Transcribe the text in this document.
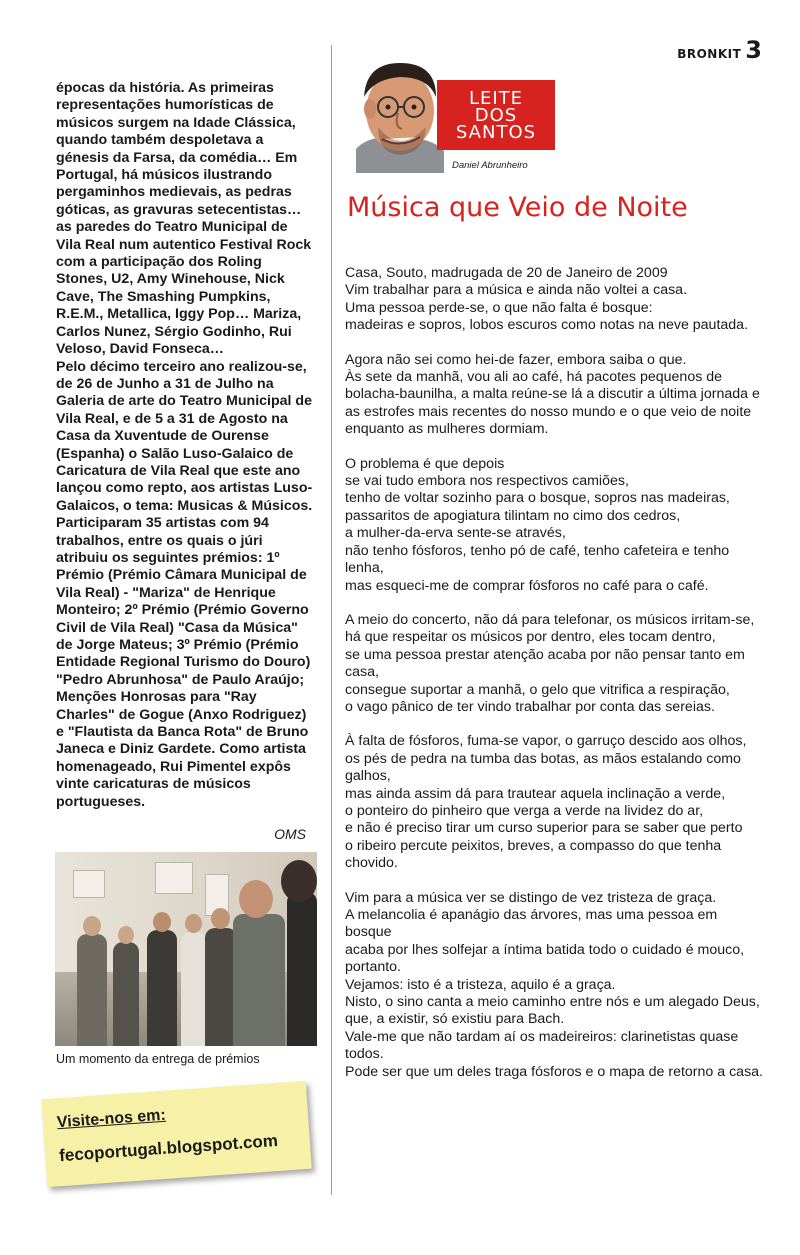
BRONKIT 3

épocas da história. As primeiras representações humorísticas de músicos surgem na Idade Clássica, quando também despoletava a génesis da Farsa, da comédia… Em Portugal, há músicos ilustrando pergaminhos medievais, as pedras góticas, as gravuras setecentistas… as paredes do Teatro Municipal de Vila Real num autentico Festival Rock com a participação dos Roling Stones, U2, Amy Winehouse, Nick Cave, The Smashing Pumpkins, R.E.M., Metallica, Iggy Pop… Mariza, Carlos Nunez, Sérgio Godinho, Rui Veloso, David Fonseca…

Pelo décimo terceiro ano realizou-se, de 26 de Junho a 31 de Julho na Galeria de arte do Teatro Municipal de Vila Real, e de 5 a 31 de Agosto na Casa da Xuventude de Ourense (Espanha) o Salão Luso-Galaico de Caricatura de Vila Real que este ano lançou como repto, aos artistas Luso-Galaicos, o tema: Musicas & Músicos. Participaram 35 artistas com 94 trabalhos, entre os quais o júri atribuiu os seguintes prémios: 1º Prémio (Prémio Câmara Municipal de Vila Real) - "Mariza" de Henrique Monteiro; 2º Prémio (Prémio Governo Civil de Vila Real) "Casa da Música" de Jorge Mateus; 3º Prémio (Prémio Entidade Regional Turismo do Douro) "Pedro Abrunhosa" de Paulo Araújo; Menções Honrosas para "Ray Charles" de Gogue (Anxo Rodriguez) e "Flautista da Banca Rota" de Bruno Janeca e Diniz Gardete. Como artista homenageado, Rui Pimentel expôs vinte caricaturas de músicos portugueses.

OMS
Um momento da entrega de prémios
Visite-nos em:
fecoportugal.blogspot.com
LEITE
DOS
SANTOS
Daniel Abrunheiro
Música que Veio de Noite

Casa, Souto, madrugada de 20 de Janeiro de 2009
Vim trabalhar para a música e ainda não voltei a casa.
Uma pessoa perde-se, o que não falta é bosque:
madeiras e sopros, lobos escuros como notas na neve pautada.

Agora não sei como hei-de fazer, embora saiba o que.
Às sete da manhã, vou ali ao café, há pacotes pequenos de bolacha-baunilha, a malta reúne-se lá a discutir a última jornada e as estrofes mais recentes do nosso mundo e o que veio de noite enquanto as mulheres dormiam.

O problema é que depois
se vai tudo embora nos respectivos camiões,
tenho de voltar sozinho para o bosque, sopros nas madeiras, passaritos de apogiatura tilintam no cimo dos cedros,
a mulher-da-erva sente-se através,
não tenho fósforos, tenho pó de café, tenho cafeteira e tenho lenha,
mas esqueci-me de comprar fósforos no café para o café.

A meio do concerto, não dá para telefonar, os músicos irritam-se,
há que respeitar os músicos por dentro, eles tocam dentro,
se uma pessoa prestar atenção acaba por não pensar tanto em casa,
consegue suportar a manhã, o gelo que vitrifica a respiração,
o vago pânico de ter vindo trabalhar por conta das sereias.

À falta de fósforos, fuma-se vapor, o garruço descido aos olhos,
os pés de pedra na tumba das botas, as mãos estalando como galhos,
mas ainda assim dá para trautear aquela inclinação a verde,
o ponteiro do pinheiro que verga a verde na lividez do ar,
e não é preciso tirar um curso superior para se saber que perto
o ribeiro percute peixitos, breves, a compasso do que tenha chovido.

Vim para a música ver se distingo de vez tristeza de graça.
A melancolia é apanágio das árvores, mas uma pessoa em bosque
acaba por lhes solfejar a íntima batida todo o cuidado é mouco,
portanto.
Vejamos: isto é a tristeza, aquilo é a graça.
Nisto, o sino canta a meio caminho entre nós e um alegado Deus,
que, a existir, só existiu para Bach.
Vale-me que não tardam aí os madeireiros: clarinetistas quase todos.
Pode ser que um deles traga fósforos e o mapa de retorno a casa.
